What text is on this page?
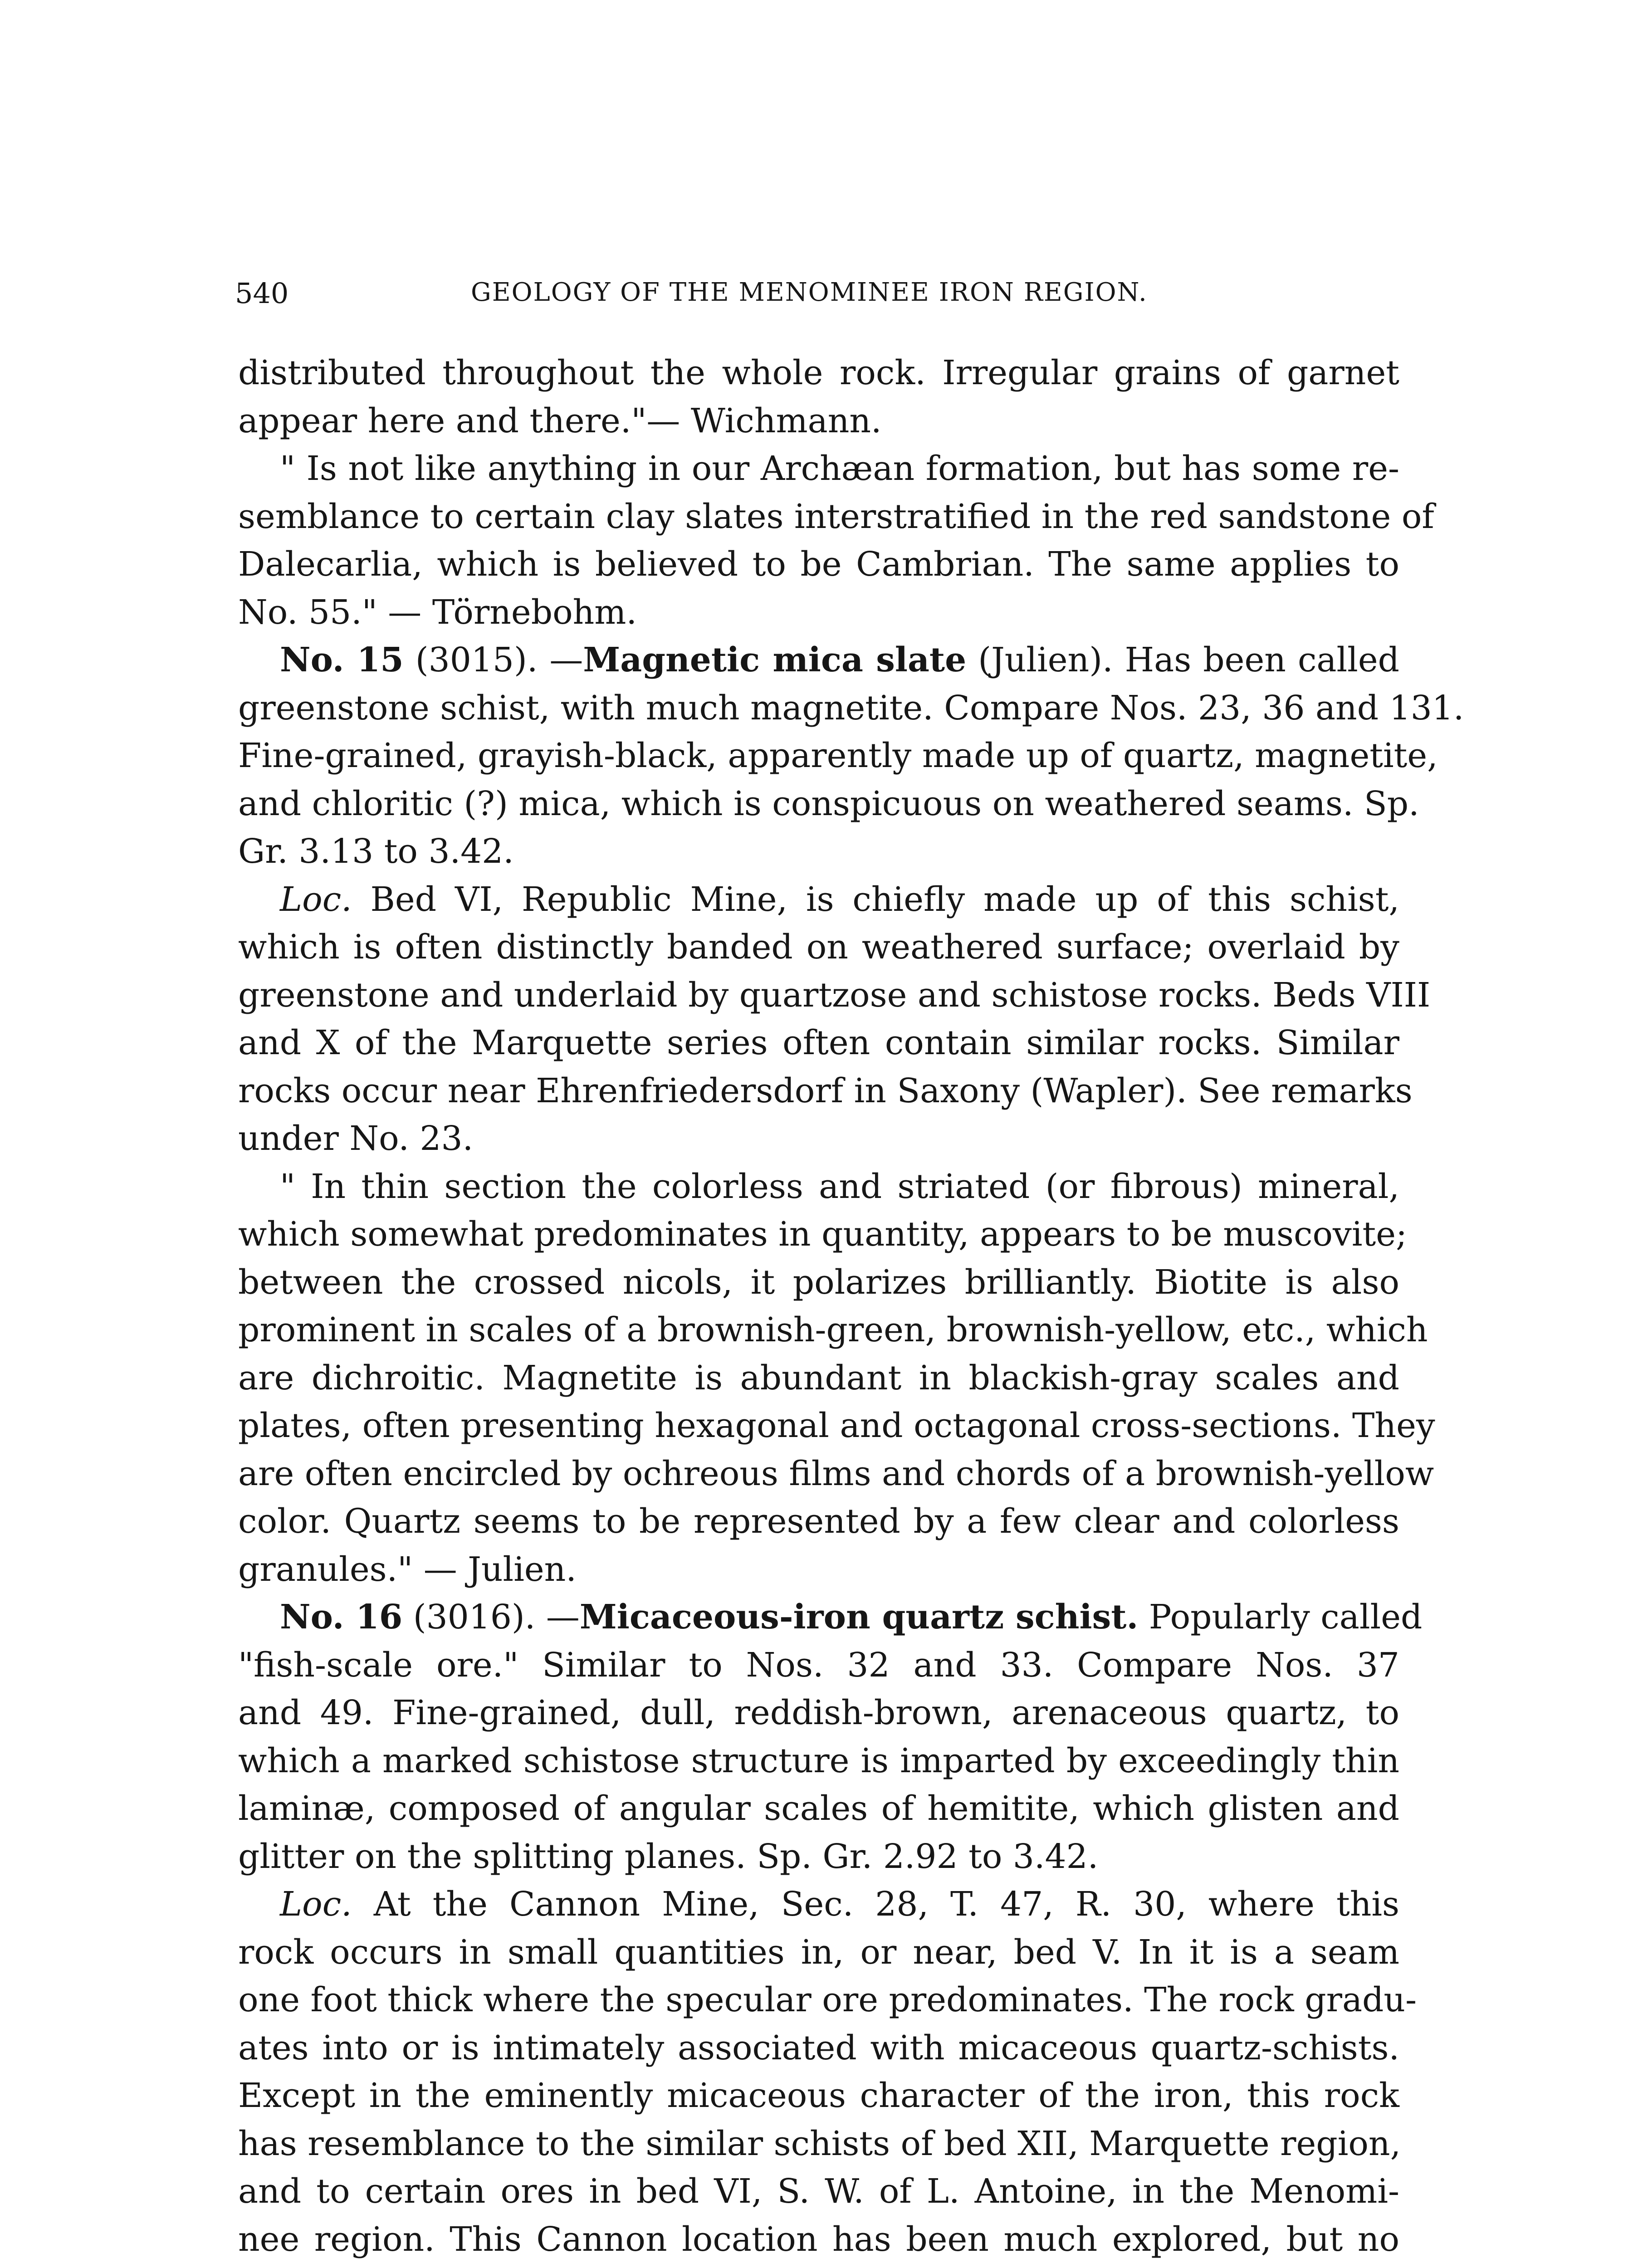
540	GEOLOGY OF THE MENOMINEE IRON REGION.
distributed throughout the whole rock. Irregular grains of garnet
appear here and there."— Wichmann.
" Is not like anything in our Archæan formation, but has some re-
semblance to certain clay slates interstratified in the red sandstone of
Dalecarlia, which is believed to be Cambrian. The same applies to
No. 55." — Törnebohm.
No. 15 (3015). —Magnetic mica slate (Julien). Has been called
greenstone schist, with much magnetite. Compare Nos. 23, 36 and 131.
Fine-grained, grayish-black, apparently made up of quartz, magnetite,
and chloritic (?) mica, which is conspicuous on weathered seams. Sp.
Gr. 3.13 to 3.42.
Loc. Bed VI, Republic Mine, is chiefly made up of this schist,
which is often distinctly banded on weathered surface; overlaid by
greenstone and underlaid by quartzose and schistose rocks. Beds VIII
and X of the Marquette series often contain similar rocks. Similar
rocks occur near Ehrenfriedersdorf in Saxony (Wapler). See remarks
under No. 23.
" In thin section the colorless and striated (or fibrous) mineral,
which somewhat predominates in quantity, appears to be muscovite;
between the crossed nicols, it polarizes brilliantly. Biotite is also
prominent in scales of a brownish-green, brownish-yellow, etc., which
are dichroitic. Magnetite is abundant in blackish-gray scales and
plates, often presenting hexagonal and octagonal cross-sections. They
are often encircled by ochreous films and chords of a brownish-yellow
color. Quartz seems to be represented by a few clear and colorless
granules." — Julien.
No. 16 (3016). —Micaceous-iron quartz schist. Popularly called
"fish-scale ore." Similar to Nos. 32 and 33. Compare Nos. 37
and 49. Fine-grained, dull, reddish-brown, arenaceous quartz, to
which a marked schistose structure is imparted by exceedingly thin
laminæ, composed of angular scales of hemitite, which glisten and
glitter on the splitting planes. Sp. Gr. 2.92 to 3.42.
Loc. At the Cannon Mine, Sec. 28, T. 47, R. 30, where this
rock occurs in small quantities in, or near, bed V. In it is a seam
one foot thick where the specular ore predominates. The rock gradu-
ates into or is intimately associated with micaceous quartz-schists.
Except in the eminently micaceous character of the iron, this rock
has resemblance to the similar schists of bed XII, Marquette region,
and to certain ores in bed VI, S. W. of L. Antoine, in the Menomi-
nee region. This Cannon location has been much explored, but no
